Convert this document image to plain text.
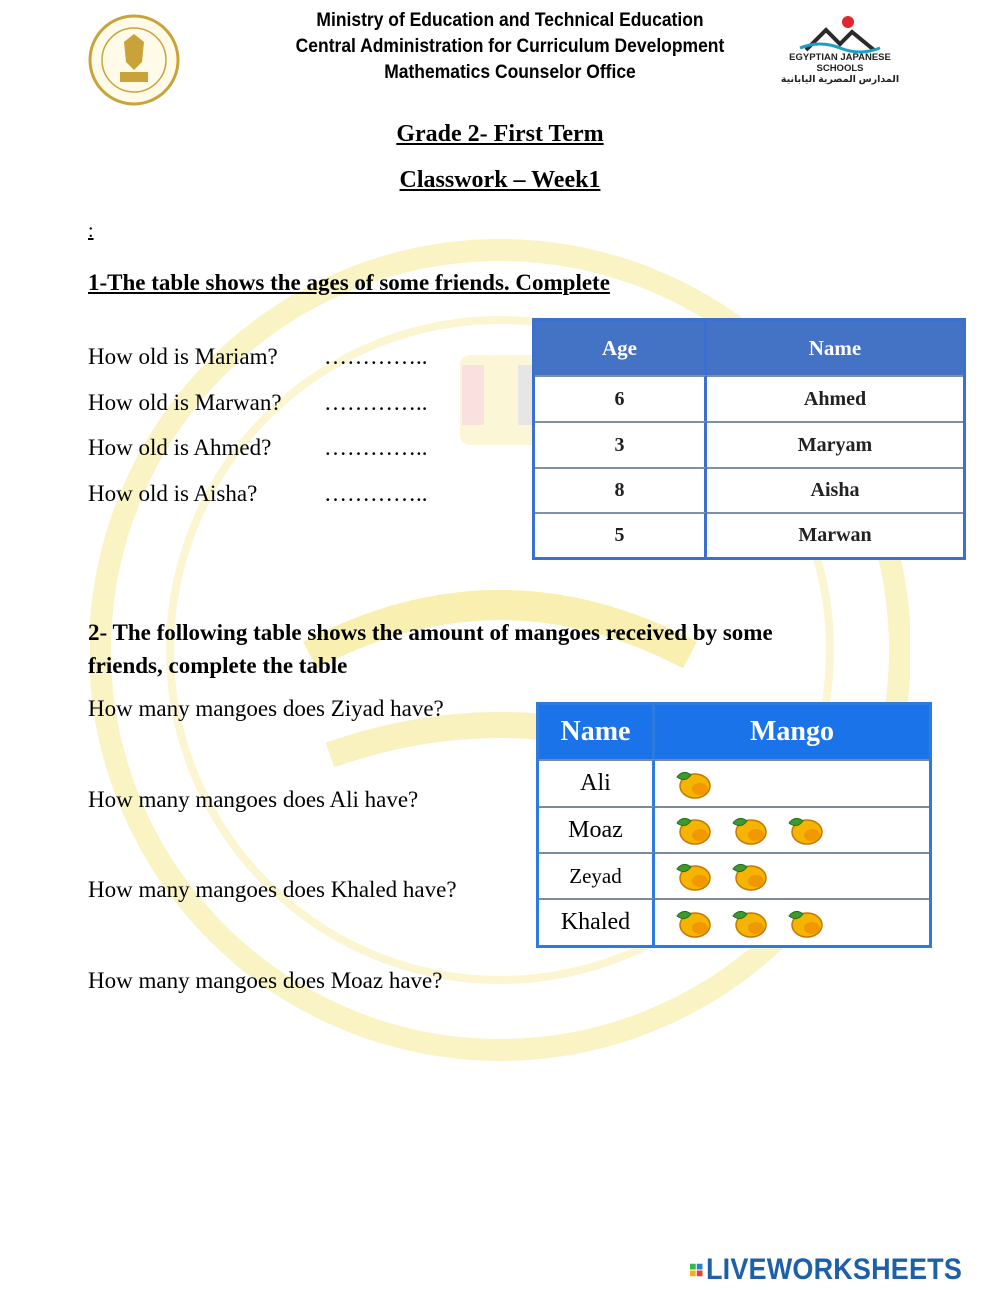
Ministry of Education and Technical Education
Central Administration for Curriculum Development
Mathematics Counselor Office
EGYPTIAN JAPANESE SCHOOLS
المدارس المصرية اليابانية
Grade 2- First Term
Classwork – Week1
:
1-The table shows the ages of some friends. Complete
How old is Mariam? …………..
How old is Marwan? …………..
How old is Ahmed? …………..
How old is Aisha?	…………..
Age	Name
6	Ahmed
3	Maryam
8	Aisha
5	Marwan
2- The following table shows the amount of mangoes received by some
friends, complete the table
How many mangoes does Ziyad have?
How many mangoes does Ali have?
How many mangoes does Khaled have?
How many mangoes does Moaz have?
Name	Mango
Ali
Moaz
Zeyad
Khaled
LIVEWORKSHEETS
